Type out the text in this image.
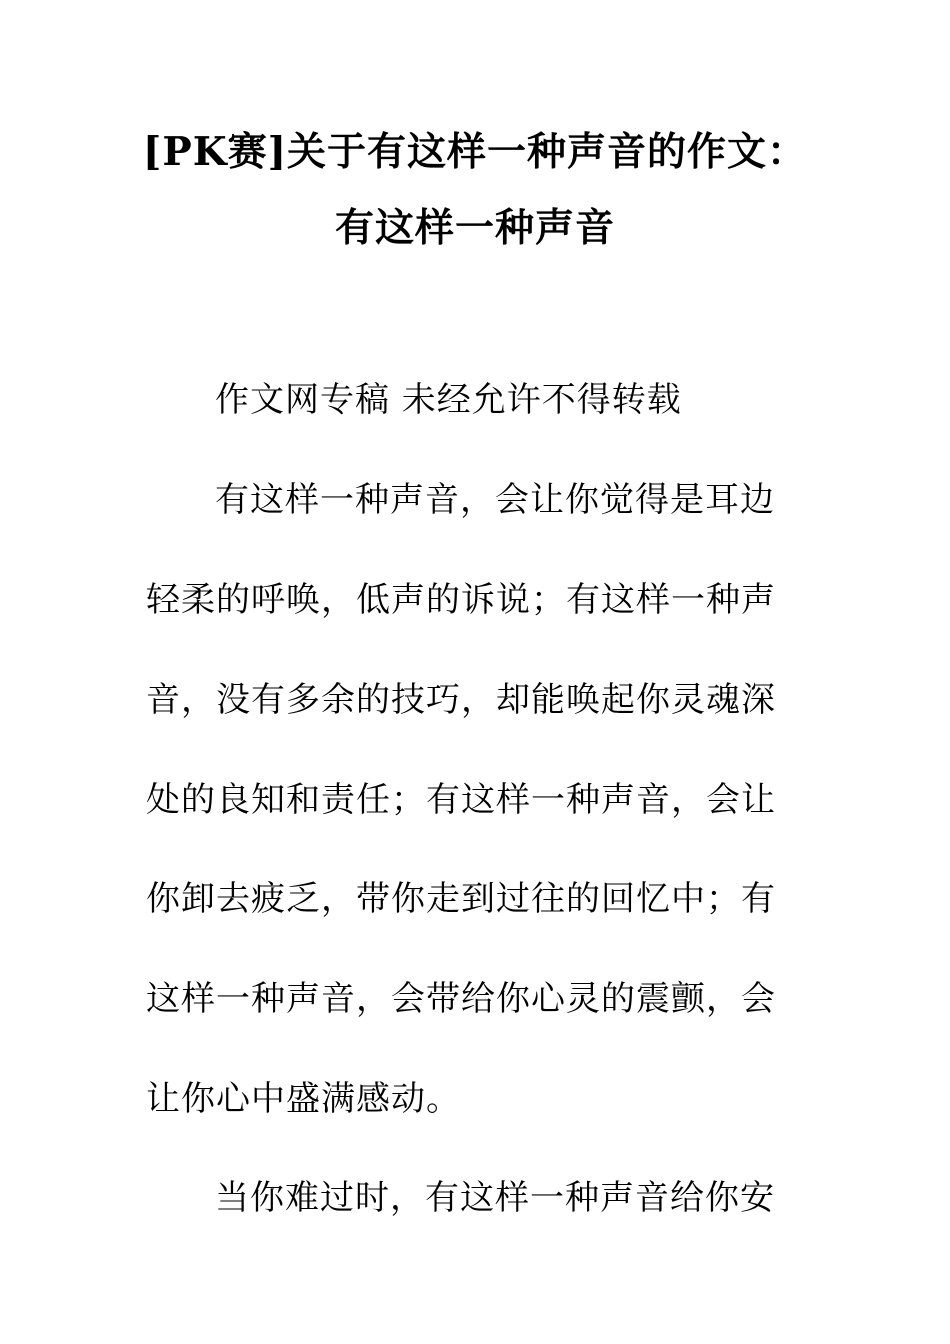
[PK赛]关于有这样一种声音的作文：
有这样一种声音
作文网专稿 未经允许不得转载
有这样一种声音，会让你觉得是耳边
轻柔的呼唤，低声的诉说；有这样一种声
音，没有多余的技巧，却能唤起你灵魂深
处的良知和责任；有这样一种声音，会让
你卸去疲乏，带你走到过往的回忆中；有
这样一种声音，会带给你心灵的震颤，会
让你心中盛满感动。
当你难过时，有这样一种声音给你安
